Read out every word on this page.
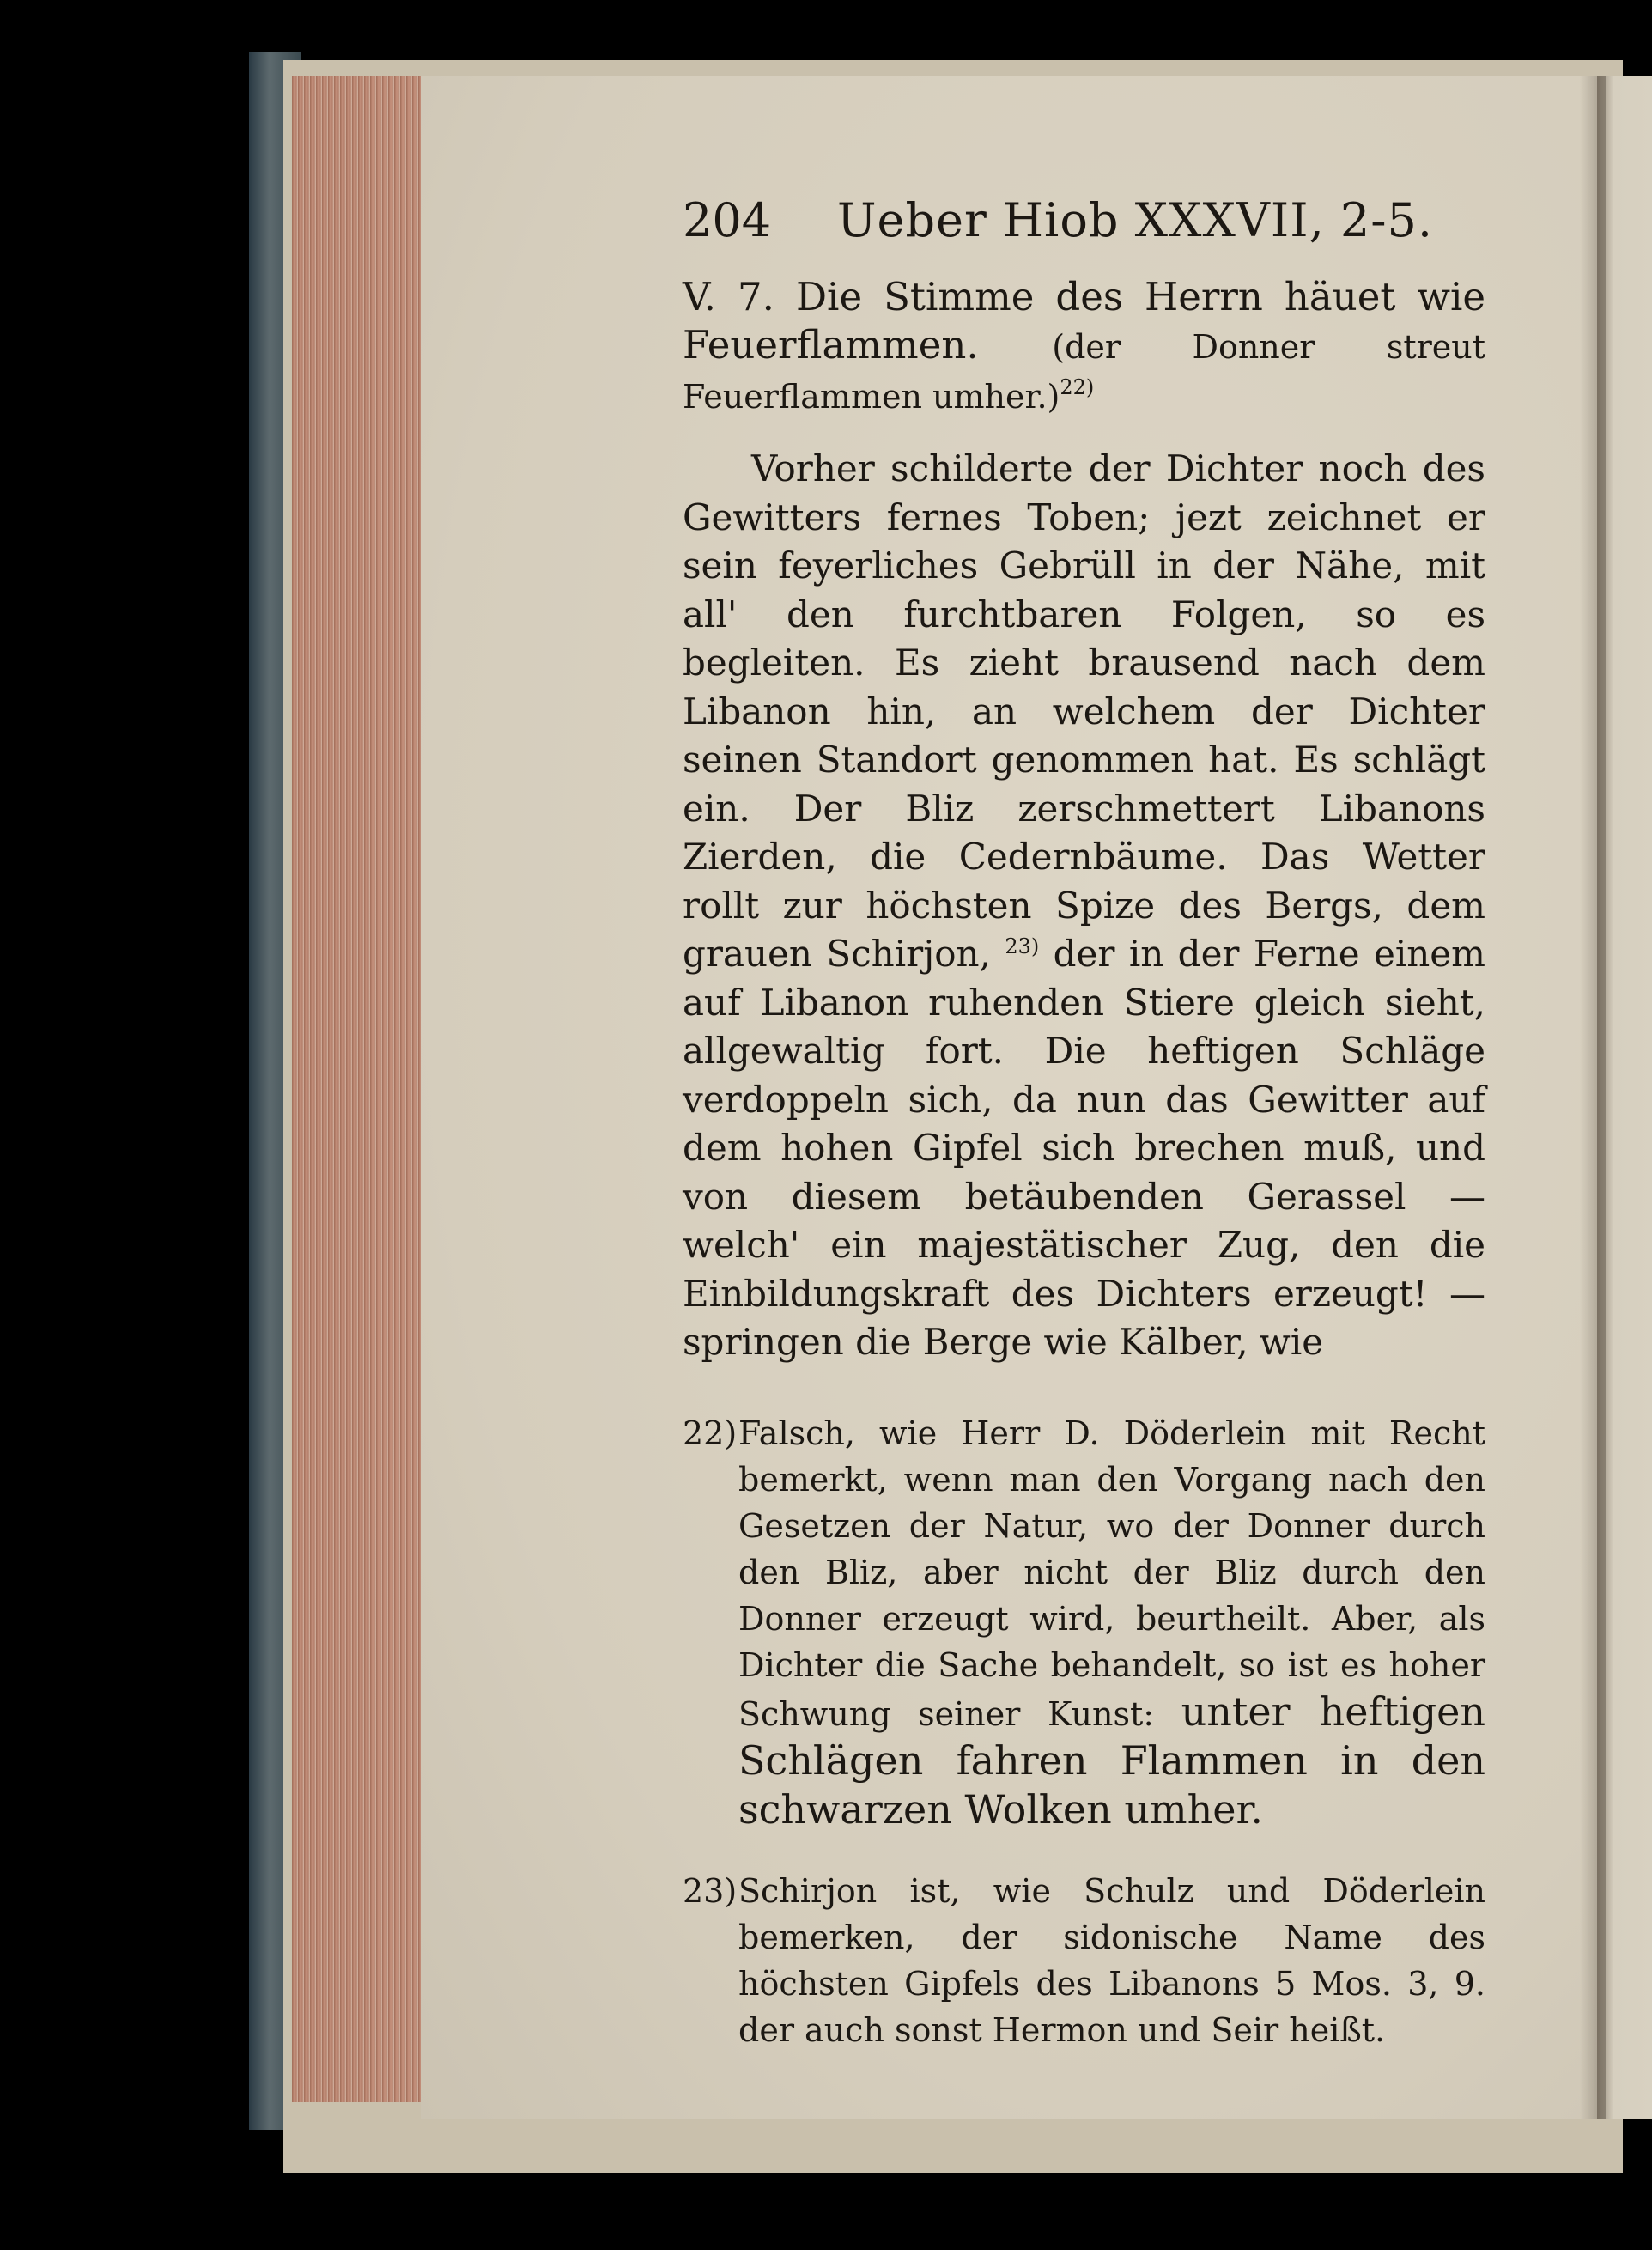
204	Ueber Hiob XXXVII, 2-5.

V. 7. Die Stimme des Herrn häuet wie Feuerflammen. (der Donner streut Feuerflammen umher.)$^{22)}$

Vorher schilderte der Dichter noch des Gewitters fernes Toben; jezt zeichnet er sein feyerliches Gebrüll in der Nähe, mit all' den furchtbaren Folgen, so es begleiten. Es zieht brausend nach dem Libanon hin, an welchem der Dichter seinen Standort genommen hat. Es schlägt ein. Der Bliz zerschmettert Libanons Zierden, die Cedernbäume. Das Wetter rollt zur höchsten Spize des Bergs, dem grauen Schirjon, $^{23)}$ der in der Ferne einem auf Libanon ruhenden Stiere gleich sieht, allgewaltig fort. Die heftigen Schläge verdoppeln sich, da nun das Gewitter auf dem hohen Gipfel sich brechen muß, und von diesem betäubenden Gerassel — welch' ein majestätischer Zug, den die Einbildungskraft des Dichters erzeugt! — springen die Berge wie Kälber, wie

22)Falsch, wie Herr D. Döderlein mit Recht bemerkt, wenn man den Vorgang nach den Gesetzen der Natur, wo der Donner durch den Bliz, aber nicht der Bliz durch den Donner erzeugt wird, beurtheilt. Aber, als Dichter die Sache behandelt, so ist es hoher Schwung seiner Kunst: unter heftigen Schlägen fahren Flammen in den schwarzen Wolken umher.

23)Schirjon ist, wie Schulz und Döderlein bemerken, der sidonische Name des höchsten Gipfels des Libanons 5 Mos. 3, 9. der auch sonst Hermon und Seir heißt.
